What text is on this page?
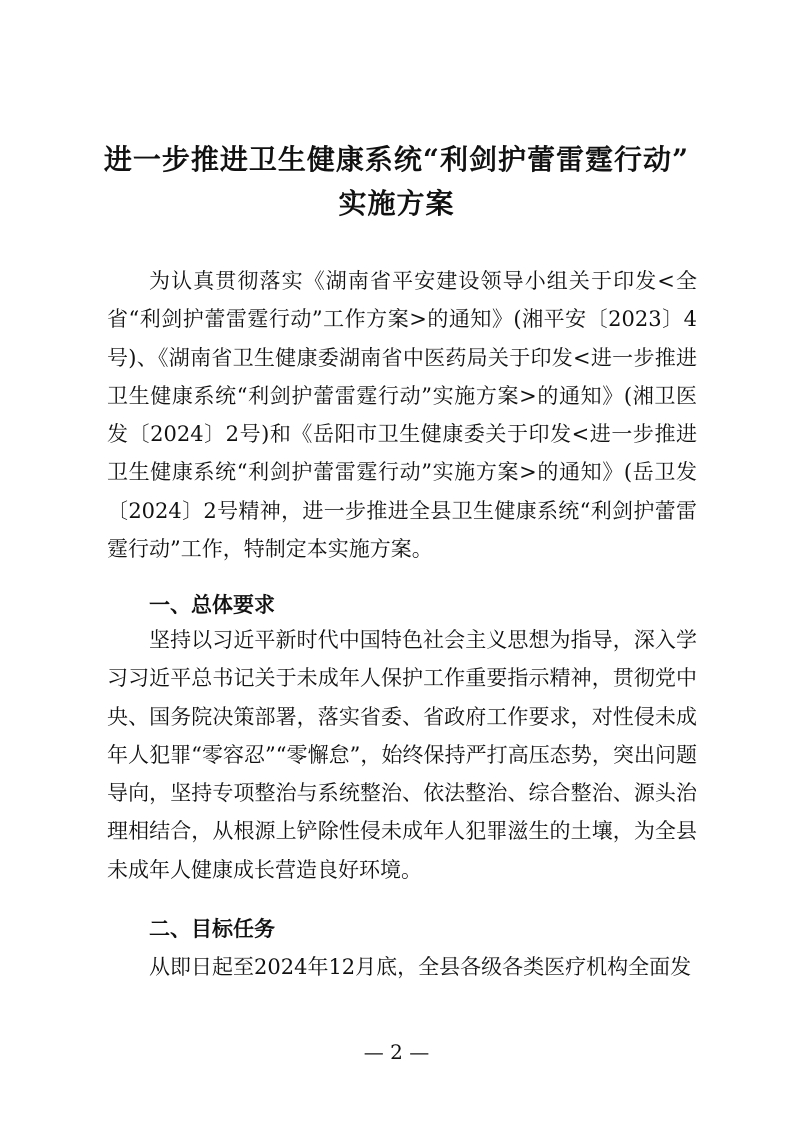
进一步推进卫生健康系统“利剑护蕾雷霆行动”
实施方案

为认真贯彻落实《湖南省平安建设领导小组关于印发<全省“利剑护蕾雷霆行动”工作方案>的通知》(湘平安〔2023〕4号)、《湖南省卫生健康委湖南省中医药局关于印发<进一步推进卫生健康系统“利剑护蕾雷霆行动”实施方案>的通知》(湘卫医发〔2024〕2号)和《岳阳市卫生健康委关于印发<进一步推进卫生健康系统“利剑护蕾雷霆行动”实施方案>的通知》(岳卫发〔2024〕2号精神，进一步推进全县卫生健康系统“利剑护蕾雷霆行动”工作，特制定本实施方案。

一、总体要求

坚持以习近平新时代中国特色社会主义思想为指导，深入学习习近平总书记关于未成年人保护工作重要指示精神，贯彻党中央、国务院决策部署，落实省委、省政府工作要求，对性侵未成年人犯罪“零容忍”“零懈怠”，始终保持严打高压态势，突出问题导向，坚持专项整治与系统整治、依法整治、综合整治、源头治理相结合，从根源上铲除性侵未成年人犯罪滋生的土壤，为全县未成年人健康成长营造良好环境。

二、目标任务

从即日起至2024年12月底，全县各级各类医疗机构全面发

— 2 —
